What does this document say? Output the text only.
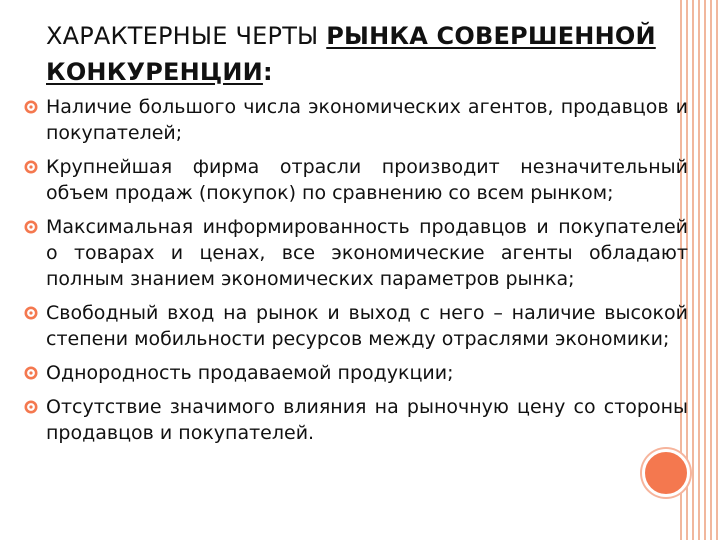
ХАРАКТЕРНЫЕ ЧЕРТЫ РЫНКА СОВЕРШЕННОЙ КОНКУРЕНЦИИ:
Наличие большого числа экономических агентов, продавцов и покупателей;
Крупнейшая фирма отрасли производит незначительный объем продаж (покупок) по сравнению со всем рынком;
Максимальная информированность продавцов и покупателей о товарах и ценах, все экономические агенты обладают полным знанием экономических параметров рынка;
Свободный вход на рынок и выход с него – наличие высокой степени мобильности ресурсов между отраслями экономики;
Однородность продаваемой продукции;
Отсутствие значимого влияния на рыночную цену со стороны продавцов и покупателей.
